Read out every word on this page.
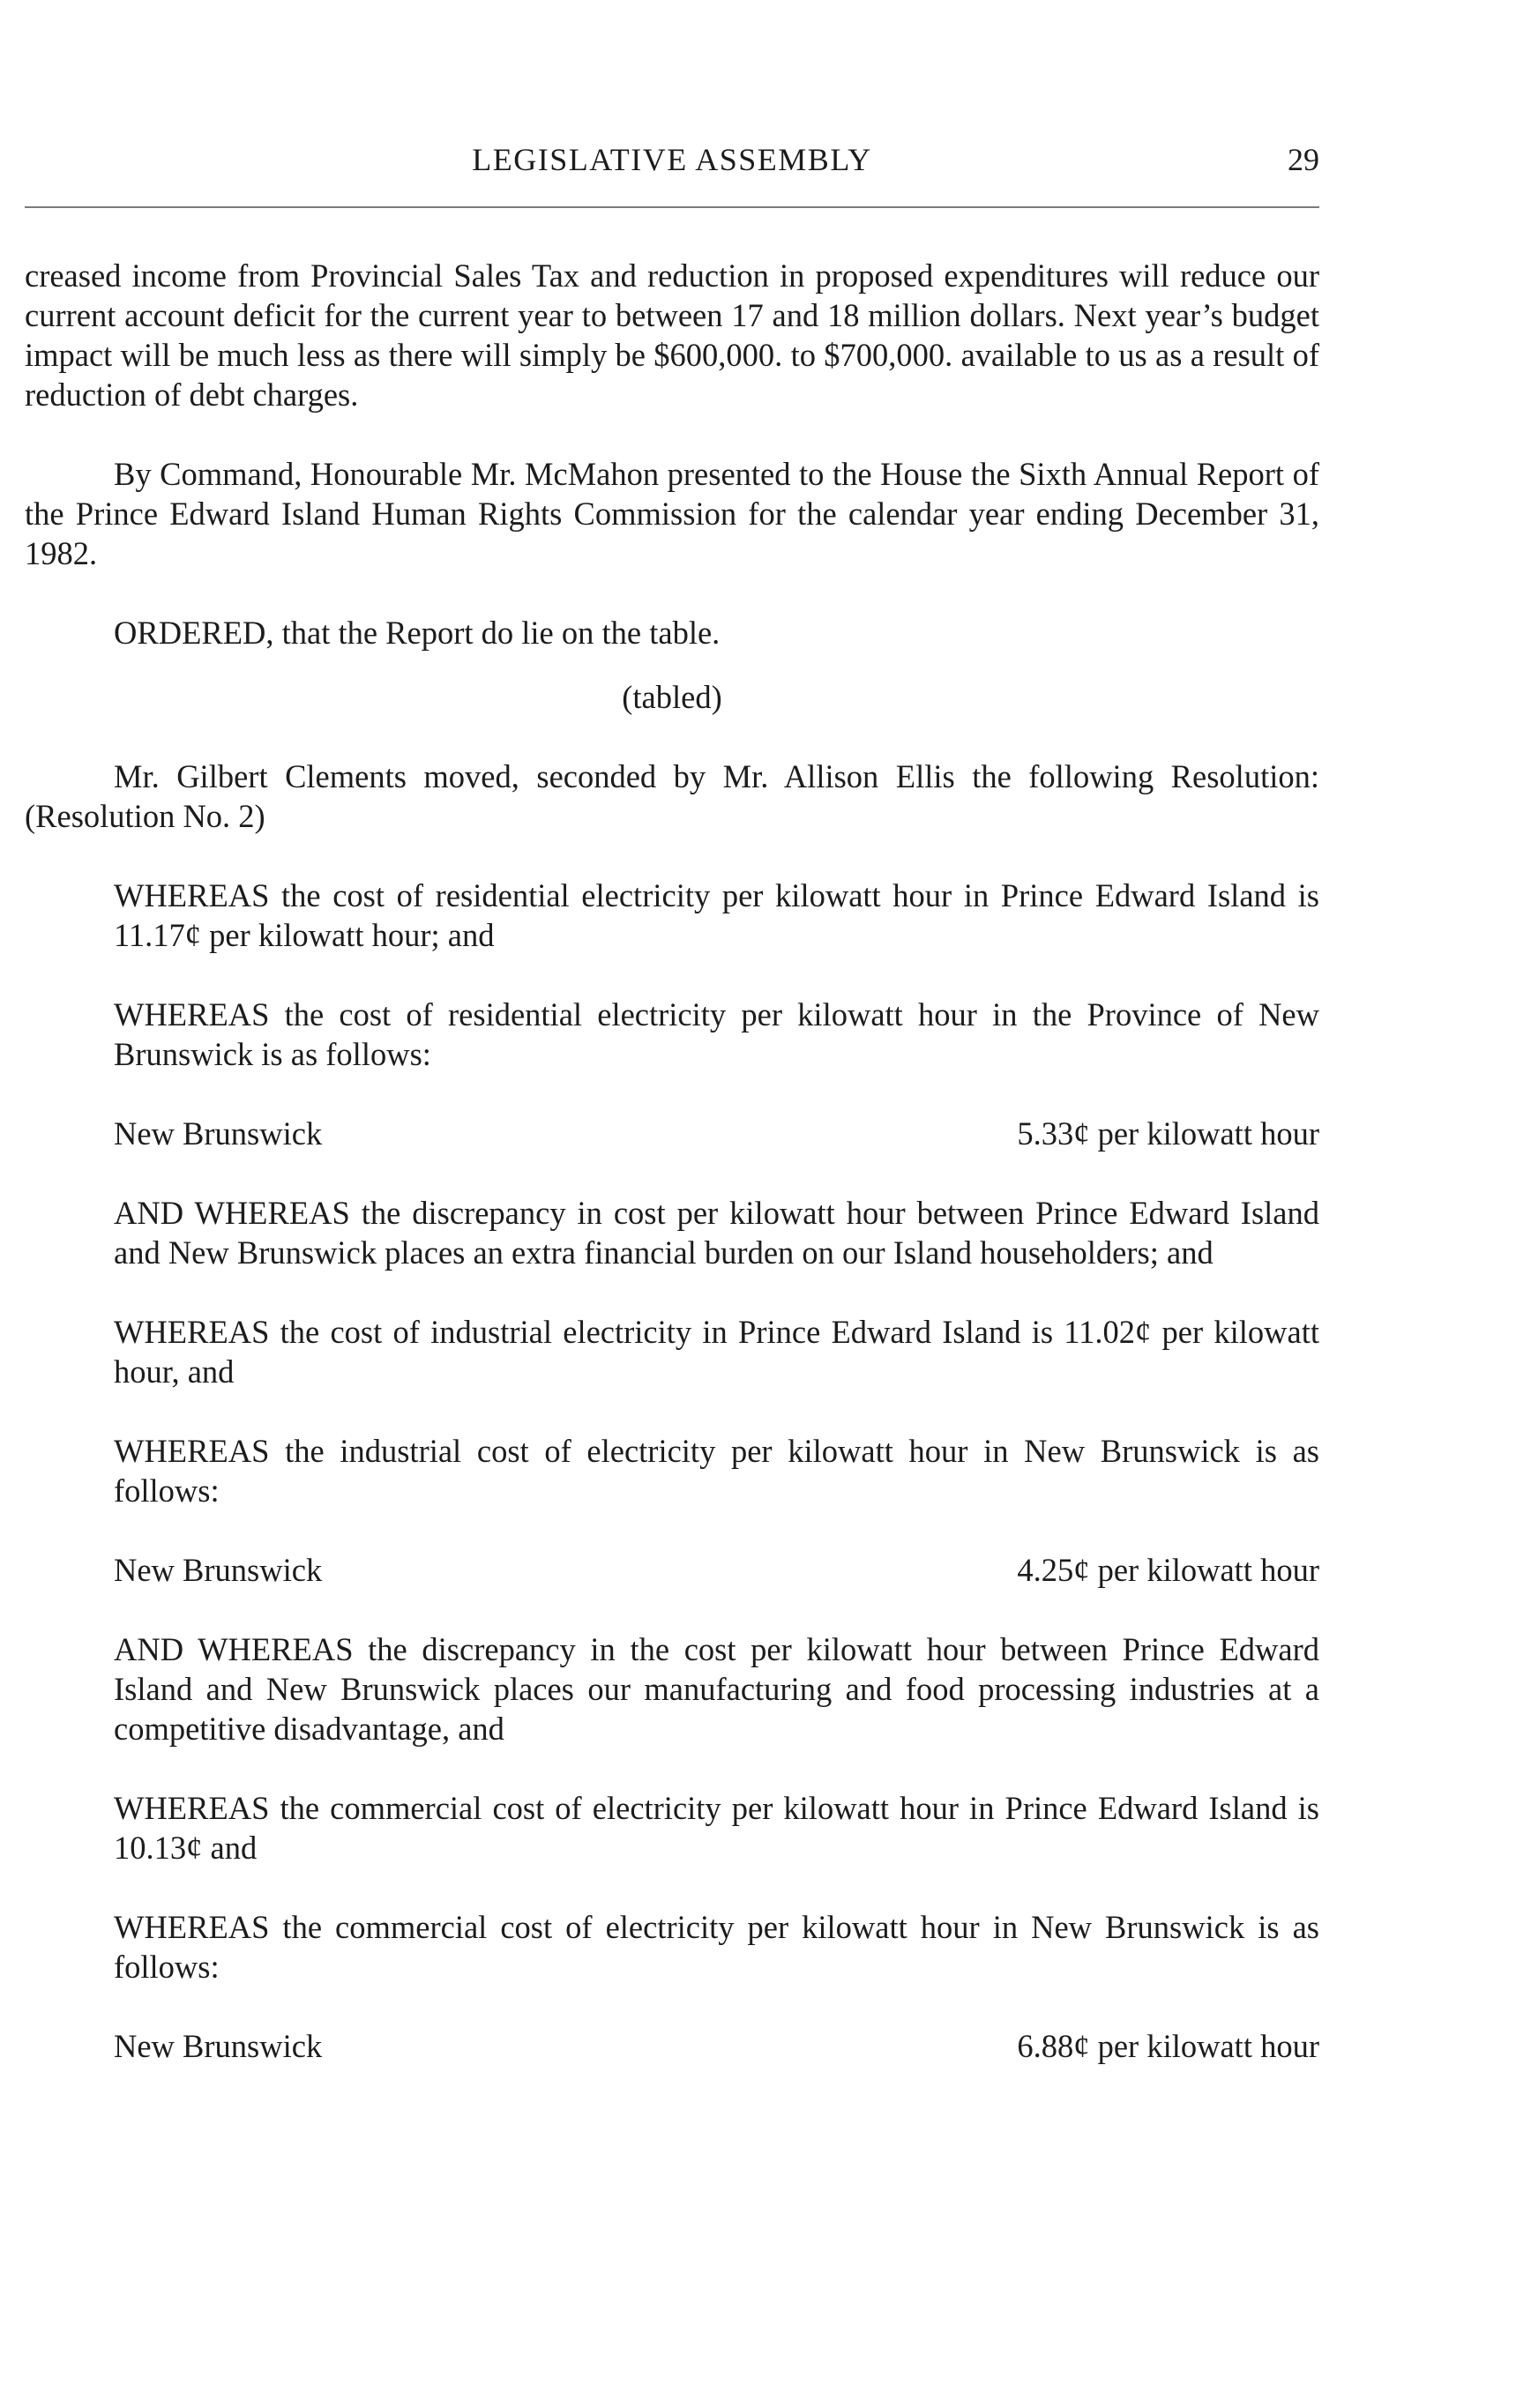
LEGISLATIVE ASSEMBLY	29

creased income from Provincial Sales Tax and reduction in proposed expenditures will reduce our current account deficit for the current year to between 17 and 18 million dollars. Next year’s budget impact will be much less as there will simply be $600,000. to $700,000. available to us as a result of reduction of debt charges.

By Command, Honourable Mr. McMahon presented to the House the Sixth Annual Report of the Prince Edward Island Human Rights Commission for the calendar year ending December 31, 1982.

ORDERED, that the Report do lie on the table.

(tabled)

Mr. Gilbert Clements moved, seconded by Mr. Allison Ellis the following Resolution: (Resolution No. 2)

WHEREAS the cost of residential electricity per kilowatt hour in Prince Edward Island is 11.17¢ per kilowatt hour; and

WHEREAS the cost of residential electricity per kilowatt hour in the Province of New Brunswick is as follows:

New Brunswick	5.33¢ per kilowatt hour

AND WHEREAS the discrepancy in cost per kilowatt hour between Prince Edward Island and New Brunswick places an extra financial burden on our Island householders; and

WHEREAS the cost of industrial electricity in Prince Edward Island is 11.02¢ per kilowatt hour, and

WHEREAS the industrial cost of electricity per kilowatt hour in New Brunswick is as follows:

New Brunswick	4.25¢ per kilowatt hour

AND WHEREAS the discrepancy in the cost per kilowatt hour between Prince Edward Island and New Brunswick places our manufacturing and food processing industries at a competitive disadvantage, and

WHEREAS the commercial cost of electricity per kilowatt hour in Prince Edward Island is 10.13¢ and

WHEREAS the commercial cost of electricity per kilowatt hour in New Brunswick is as follows:

New Brunswick	6.88¢ per kilowatt hour
